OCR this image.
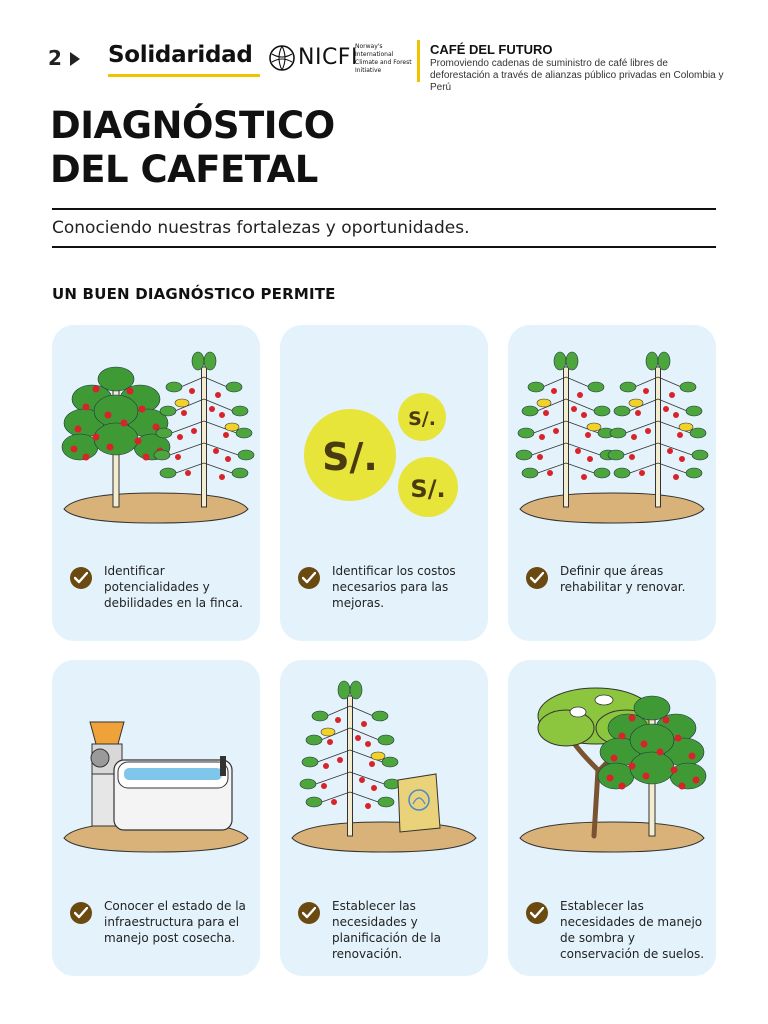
2 Solidaridad NICFI
Norway's International Climate and Forest Initiative
CAFÉ DEL FUTURO
Promoviendo cadenas de suministro de café libres de deforestación a través de alianzas público privadas en Colombia y Perú
DIAGNÓSTICO
DEL CAFETAL
Conociendo nuestras fortalezas y oportunidades.
UN BUEN DIAGNÓSTICO PERMITE
Identificar potencialidades y debilidades en la finca.
S/.
S/.
S/.
Identificar los costos necesarios para las mejoras.
Definir que áreas rehabilitar y renovar.
Conocer el estado de la infraestructura para el manejo post cosecha.
Establecer las necesidades y planificación de la renovación.
Establecer las necesidades de manejo de sombra y conservación de suelos.
